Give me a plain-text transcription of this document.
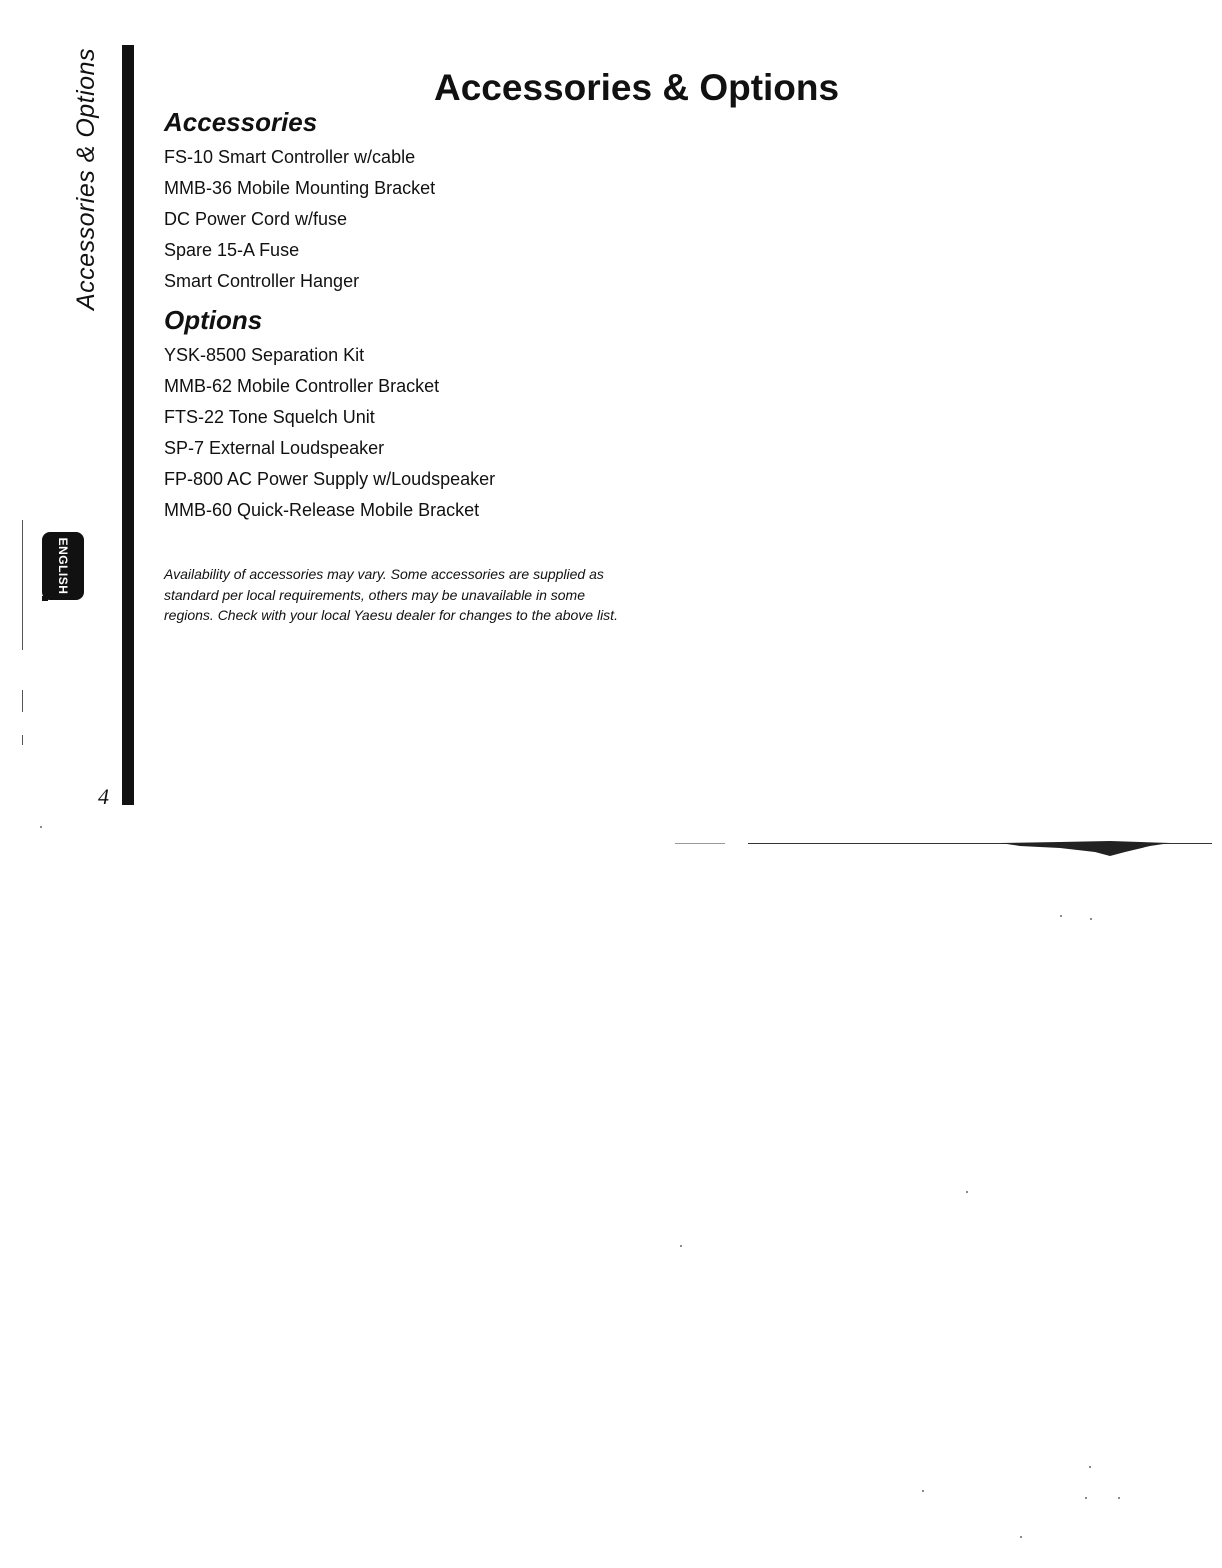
Accessories & Options
ENGLISH
4
Accessories & Options
Accessories
FS-10 Smart Controller w/cable
MMB-36 Mobile Mounting Bracket
DC Power Cord w/fuse
Spare 15-A Fuse
Smart Controller Hanger
Options
YSK-8500 Separation Kit
MMB-62 Mobile Controller Bracket
FTS-22 Tone Squelch Unit
SP-7 External Loudspeaker
FP-800 AC Power Supply w/Loudspeaker
MMB-60 Quick-Release Mobile Bracket

Availability of accessories may vary. Some accessories are supplied as standard per local requirements, others may be unavailable in some regions. Check with your local Yaesu dealer for changes to the above list.
